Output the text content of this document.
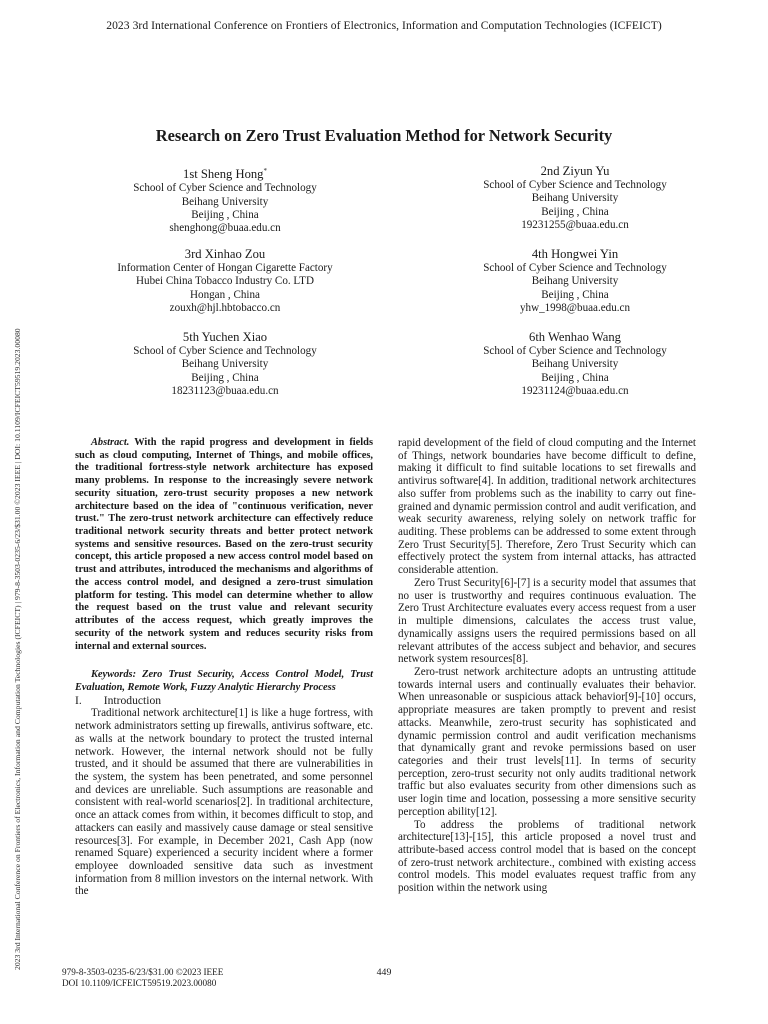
2023 3rd International Conference on Frontiers of Electronics, Information and Computation Technologies (ICFEICT)
2023 3rd International Conference on Frontiers of Electronics, Information and Computation Technologies (ICFEICT) | 979-8-3503-0235-6/23/$31.00 ©2023 IEEE | DOI: 10.1109/ICFEICT59519.2023.00080
Research on Zero Trust Evaluation Method for Network Security
1st Sheng Hong*
School of Cyber Science and Technology
Beihang University
Beijing , China
shenghong@buaa.edu.cn
2nd Ziyun Yu
School of Cyber Science and Technology
Beihang University
Beijing , China
19231255@buaa.edu.cn
3rd Xinhao Zou
Information Center of Hongan Cigarette Factory
Hubei China Tobacco Industry Co. LTD
Hongan , China
zouxh@hjl.hbtobacco.cn
4th Hongwei Yin
School of Cyber Science and Technology
Beihang University
Beijing , China
yhw_1998@buaa.edu.cn
5th Yuchen Xiao
School of Cyber Science and Technology
Beihang University
Beijing , China
18231123@buaa.edu.cn
6th Wenhao Wang
School of Cyber Science and Technology
Beihang University
Beijing , China
19231124@buaa.edu.cn

Abstract. With the rapid progress and development in fields such as cloud computing, Internet of Things, and mobile offices, the traditional fortress-style network architecture has exposed many problems. In response to the increasingly severe network security situation, zero-trust security proposes a new network architecture based on the idea of "continuous verification, never trust." The zero-trust network architecture can effectively reduce traditional network security threats and better protect network systems and sensitive resources. Based on the zero-trust security concept, this article proposed a new access control model based on trust and attributes, introduced the mechanisms and algorithms of the access control model, and designed a zero-trust simulation platform for testing. This model can determine whether to allow the request based on the trust value and relevant security attributes of the access request, which greatly improves the security of the network system and reduces security risks from internal and external sources.

Keywords: Zero Trust Security, Access Control Model, Trust Evaluation, Remote Work, Fuzzy Analytic Hierarchy Process

I. Introduction

Traditional network architecture[1] is like a huge fortress, with network administrators setting up firewalls, antivirus software, etc. as walls at the network boundary to protect the trusted internal network. However, the internal network should not be fully trusted, and it should be assumed that there are vulnerabilities in the system, the system has been penetrated, and some personnel and devices are unreliable. Such assumptions are reasonable and consistent with real-world scenarios[2]. In traditional architecture, once an attack comes from within, it becomes difficult to stop, and attackers can easily and massively cause damage or steal sensitive resources[3]. For example, in December 2021, Cash App (now renamed Square) experienced a security incident where a former employee downloaded sensitive data such as investment information from 8 million investors on the internal network. With the

rapid development of the field of cloud computing and the Internet of Things, network boundaries have become difficult to define, making it difficult to find suitable locations to set firewalls and antivirus software[4]. In addition, traditional network architectures also suffer from problems such as the inability to carry out fine-grained and dynamic permission control and audit verification, and weak security awareness, relying solely on network traffic for auditing. These problems can be addressed to some extent through Zero Trust Security[5]. Therefore, Zero Trust Security which can effectively protect the system from internal attacks, has attracted considerable attention.

Zero Trust Security[6]-[7] is a security model that assumes that no user is trustworthy and requires continuous evaluation. The Zero Trust Architecture evaluates every access request from a user in multiple dimensions, calculates the access trust value, dynamically assigns users the required permissions based on all relevant attributes of the access subject and behavior, and secures network system resources[8].

Zero-trust network architecture adopts an untrusting attitude towards internal users and continually evaluates their behavior. When unreasonable or suspicious attack behavior[9]-[10] occurs, appropriate measures are taken promptly to prevent and resist attacks. Meanwhile, zero-trust security has sophisticated and dynamic permission control and audit verification mechanisms that dynamically grant and revoke permissions based on user categories and their trust levels[11]. In terms of security perception, zero-trust security not only audits traditional network traffic but also evaluates security from other dimensions such as user login time and location, possessing a more sensitive security perception ability[12].

To address the problems of traditional network architecture[13]-[15], this article proposed a novel trust and attribute-based access control model that is based on the concept of zero-trust network architecture., combined with existing access control models. This model evaluates request traffic from any position within the network using

979-8-3503-0235-6/23/$31.00 ©2023 IEEE
DOI 10.1109/ICFEICT59519.2023.00080
449
